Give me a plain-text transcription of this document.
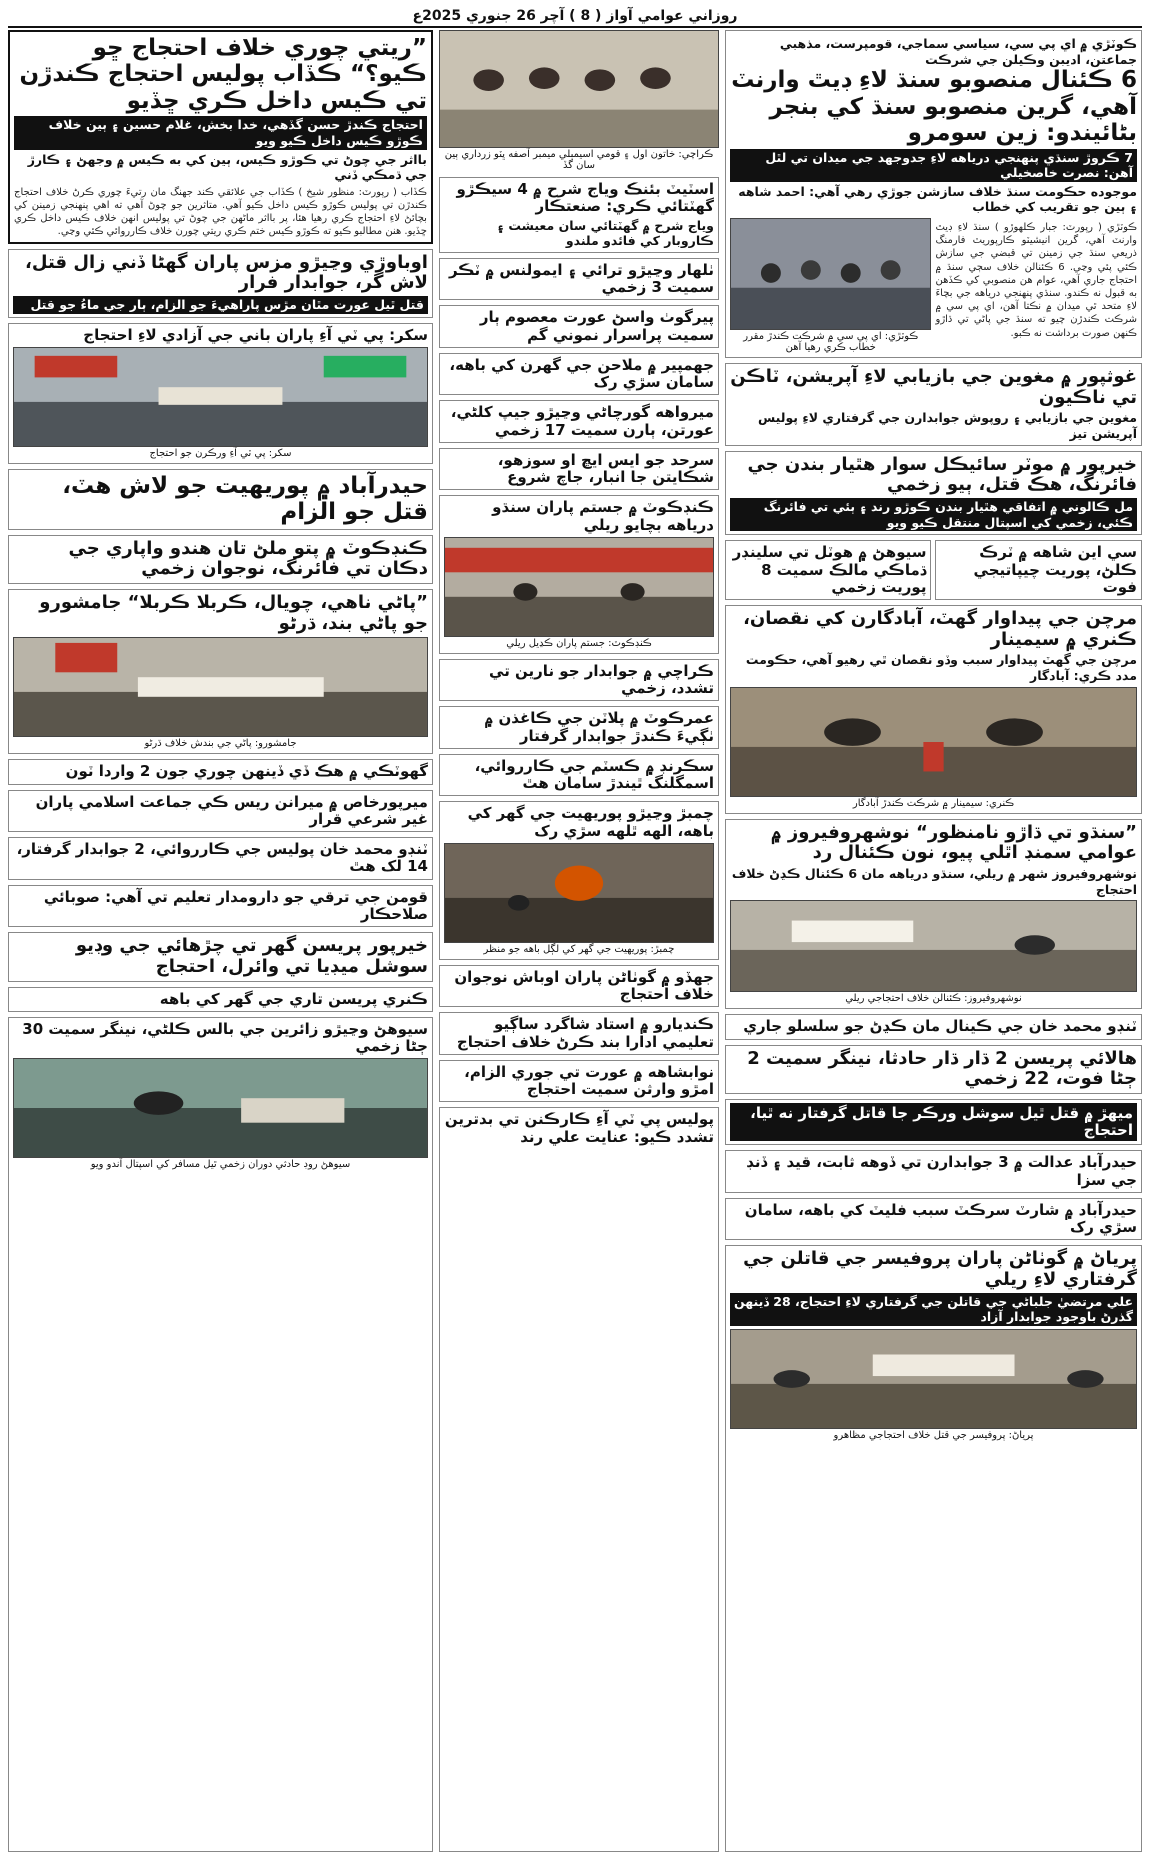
روزاني عوامي آواز ( 8 ) آچر 26 جنوري 2025ع
ڪوٽڙي ۾ اي پي سي، سياسي سماجي، قومپرست، مذهبي جماعتن، اديبن وڪيلن جي شرڪت
6 ڪئنال منصوبو سنڌ لاءِ ڊيٿ وارنٽ آهي، گرين منصوبو سنڌ کي بنجر بڻائيندو: زين سومرو
7 ڪروڙ سنڌي پنهنجي درياهه لاءِ جدوجهد جي ميدان تي لٿل آهن: نصرت خاصخيلي
موجوده حڪومت سنڌ خلاف سازشن جوڙي رهي آهي: احمد شاهه ۽ ٻين جو تقريب کي خطاب
ڪوٽڙي ( رپورٽ: جبار ڪلهوڙو ) سنڌ لاءِ ڊيٿ وارنٽ آهي، گرين انيشيٽو ڪارپوريٽ فارمنگ ذريعي سنڌ جي زمينن تي قبضي جي سازش ڪئي پئي وڃي. 6 ڪئنالن خلاف سڄي سنڌ ۾ احتجاج جاري آهي، عوام هن منصوبي کي ڪڏهن به قبول نه ڪندو. سنڌي پنهنجي درياهه جي بچاءَ لاءِ متحد ٿي ميدان ۾ نڪتا آهن، اي پي سي ۾ شرڪت ڪندڙن چيو ته سنڌ جي پاڻي تي ڌاڙو ڪنهن صورت برداشت نه ڪبو.
ڪوٽڙي: اي پي سي ۾ شرڪت ڪندڙ مقرر خطاب ڪري رهيا آهن
غوثپور ۾ مغوين جي بازيابي لاءِ آپريشن، ٽاڪن تي ناڪيون
مغوين جي بازيابي ۽ روپوش جوابدارن جي گرفتاري لاءِ پوليس آپريشن تيز
خيرپور ۾ موٽر سائيڪل سوار هٿيار بندن جي فائرنگ، هڪ قتل، ٻيو زخمي
مل ڪالوني ۾ اتفاقي هٿيار بندن ڪوڙو رند ۽ ٻئي تي فائرنگ ڪئي، زخمي کي اسپتال منتقل ڪيو ويو
سي اين شاهه ۾ ٽرڪ ڪلڻ، پوريت چيپاتيجي فوت
سيوهڻ ۾ هوٽل تي سلينڊر ڌماڪي مالڪ سميت 8 پوريت زخمي
مرچن جي پيداوار گهٽ، آبادگارن کي نقصان، ڪنري ۾ سيمينار
مرچن جي گهٽ پيداوار سبب وڏو نقصان ٿي رهيو آهي، حڪومت مدد ڪري: آبادگار
ڪنري: سيمينار ۾ شرڪت ڪندڙ آبادگار
”سنڌو تي ڌاڙو نامنظور“ نوشهروفيروز ۾ عوامي سمنڊ اٿلي پيو، نون ڪئنال رد
نوشهروفيروز شهر ۾ ريلي، سنڌو درياهه مان 6 ڪئنال ڪڍڻ خلاف احتجاج
نوشهروفيروز: ڪئنالن خلاف احتجاجي ريلي
ٽنڊو محمد خان جي ڪينال مان ڪڍڻ جو سلسلو جاري
هالائي پريسن 2 ڌار ڌار حادثا، نينگر سميت 2 ڄڻا فوت، 22 زخمي
ميهڙ ۾ قتل ٿيل سوشل ورڪر جا قاتل گرفتار نه ٿيا، احتجاج
حيدرآباد عدالت ۾ 3 جوابدارن تي ڏوهه ثابت، قيد ۽ ڏنڊ جي سزا
حيدرآباد ۾ شارٽ سرڪٽ سبب فليٽ کي باهه، سامان سڙي رک
پرياڻ ۾ گوٺاڻن پاران پروفيسر جي قاتلن جي گرفتاري لاءِ ريلي
علي مرتضيٰ جلباڻي جي قاتلن جي گرفتاري لاءِ احتجاج، 28 ڏينهن گذرڻ باوجود جوابدار آزاد
پرياڻ: پروفيسر جي قتل خلاف احتجاجي مظاهرو
ڪراچي: خاتون اول ۽ قومي اسيمبلي ميمبر آصفه ڀٽو زرداري ٻين سان گڏ
اسٽيٽ بئنڪ وياج شرح ۾ 4 سيڪڙو گهٽتائي ڪري: صنعتڪار
وياج شرح ۾ گهٽتائي سان معيشت ۽ ڪاروبار کي فائدو ملندو
ٺلهار وڃيڙو ترائي ۽ ايمولنس ۾ ٽڪر سميت 3 زخمي
پيرگوٺ واسڻ عورت معصوم ٻار سميت پراسرار نموني گم
جهمپير ۾ ملاحن جي گهرن کي باهه، سامان سڙي رک
ميرواهه گورچاڻي وڃيڙو جيپ کلڻي، عورتن، ٻارن سميت 17 زخمي
سرحد جو ايس ايڇ او سوزهو، شڪايتن جا انبار، جاچ شروع
ڪنڊڪوٽ ۾ جستم پاران سنڌو درياهه بچايو ريلي
ڪنڊڪوٽ: جستم پاران ڪڍيل ريلي
ڪراچي ۾ جوابدار جو نارين تي تشدد، زخمي
عمرڪوٽ ۾ پلاٽن جي ڪاغذن ۾ ٺڳيءَ ڪندڙ جوابدار گرفتار
سڪرنڊ ۾ ڪسٽم جي ڪارروائي، اسمگلنگ ٿيندڙ سامان هٿ
چمبڙ وڃيڙو پوريهيت جي گهر کي باهه، الهه ٿلهه سڙي رک
چمبڙ: پوريهيت جي گهر کي لڳل باهه جو منظر
جهڏو ۾ گوٺاڻن پاران اوباش نوجوان خلاف احتجاج
ڪنديارو ۾ استاد شاگرد ساڳيو تعليمي ادارا بند ڪرڻ خلاف احتجاج
نوابشاهه ۾ عورت تي جوري الزام، امڙو وارثن سميت احتجاج
پوليس پي ٽي آءِ ڪارڪنن تي بدترين تشدد ڪيو: عنايت علي رند
”ريتي چوري خلاف احتجاج ڇو ڪيو؟“ ڪڏاب پوليس احتجاج ڪندڙن تي ڪيس داخل ڪري ڇڏيو
احتجاج ڪندڙ حسن گڏھي، خدا بخش، غلام حسين ۽ ٻين خلاف ڪوڙو ڪيس داخل ڪيو ويو
بااثر جي چوڻ تي ڪوڙو ڪيس، ٻين کي به ڪيس ۾ وجهڻ ۽ ڪارڙ جي ڌمڪي ڏني
ڪڏاب ( رپورٽ: منظور شيخ ) ڪڏاب جي علائقي ڪند جهنگ مان رتيءَ چوري ڪرڻ خلاف احتجاج ڪندڙن تي پوليس ڪوڙو ڪيس داخل ڪيو آهي. متاثرين جو چوڻ آهي ته اهي پنهنجي زمينن کي بچائڻ لاءِ احتجاج ڪري رهيا هئا، پر بااثر ماڻهن جي چوڻ تي پوليس انهن خلاف ڪيس داخل ڪري ڇڏيو. هنن مطالبو ڪيو ته ڪوڙو ڪيس ختم ڪري ريتي چورن خلاف ڪارروائي ڪئي وڃي.
اوباوڙي وڃيڙو مزس پاران گهڻا ڏني زال قتل، لاش گر، جوابدار فرار
قتل ٿيل عورت مٿان مڙس پاراهيءَ جو الزام، ٻار جي ماءُ جو قتل
سکر: پي ٽي آءِ پاران باني جي آزادي لاءِ احتجاج
سکر: پي ٽي آءِ ورڪرن جو احتجاج
حيدرآباد ۾ پوريهيت جو لاش هٽ، قتل جو الزام
ڪنڊڪوٽ ۾ پتو ملڻ تان هندو واپاري جي دڪان تي فائرنگ، نوجوان زخمي
”پاڻي ناهي، چويال، ڪربلا ڪربلا“ جامشورو جو پاڻي بند، ڌرڻو
جامشورو: پاڻي جي بندش خلاف ڌرڻو
گهوٽڪي ۾ هڪ ڏي ڏينهن چوري جون 2 واردا ٽون
ميرپورخاص ۾ ميرانن ريس ڪي جماعت اسلامي پاران غير شرعي قرار
ٽنڊو محمد خان پوليس جي ڪارروائي، 2 جوابدار گرفتار، 14 لک هٿ
قومن جي ترقي جو دارومدار تعليم تي آهي: صوبائي صلاحڪار
خيرپور پريسن گهر تي چڙهائي جي وڊيو سوشل ميڊيا تي وائرل، احتجاج
ڪنري پريسن تاري جي گهر کي باهه
سيوهڻ وڃيڙو زائرين جي بالس ڪلڻي، نينگر سميت 30 ڄڻا زخمي
سيوهڻ روڊ حادثي دوران زخمي ٿيل مسافر کي اسپتال آندو ويو
